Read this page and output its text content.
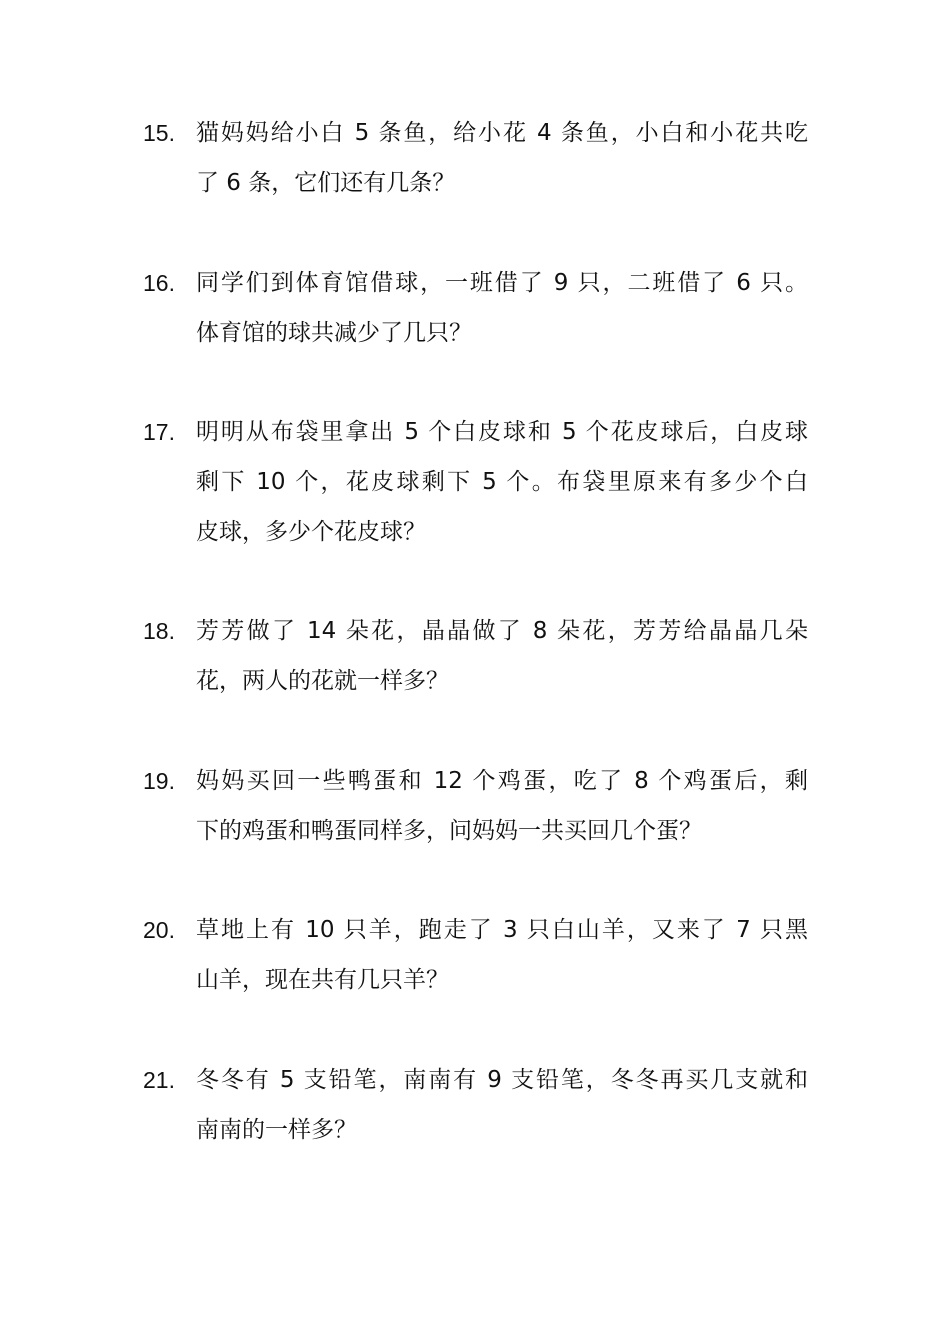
15. 猫妈妈给小白 5 条鱼，给小花 4 条鱼，小白和小花共吃
了 6 条，它们还有几条？
16. 同学们到体育馆借球，一班借了 9 只，二班借了 6 只。
体育馆的球共减少了几只？
17. 明明从布袋里拿出 5 个白皮球和 5 个花皮球后，白皮球
剩下 10 个，花皮球剩下 5 个。布袋里原来有多少个白
皮球，多少个花皮球？
18. 芳芳做了 14 朵花，晶晶做了 8 朵花，芳芳给晶晶几朵
花，两人的花就一样多？
19. 妈妈买回一些鸭蛋和 12 个鸡蛋，吃了 8 个鸡蛋后，剩
下的鸡蛋和鸭蛋同样多，问妈妈一共买回几个蛋？
20. 草地上有 10 只羊，跑走了 3 只白山羊，又来了 7 只黑
山羊，现在共有几只羊？
21. 冬冬有 5 支铅笔，南南有 9 支铅笔，冬冬再买几支就和
南南的一样多？
